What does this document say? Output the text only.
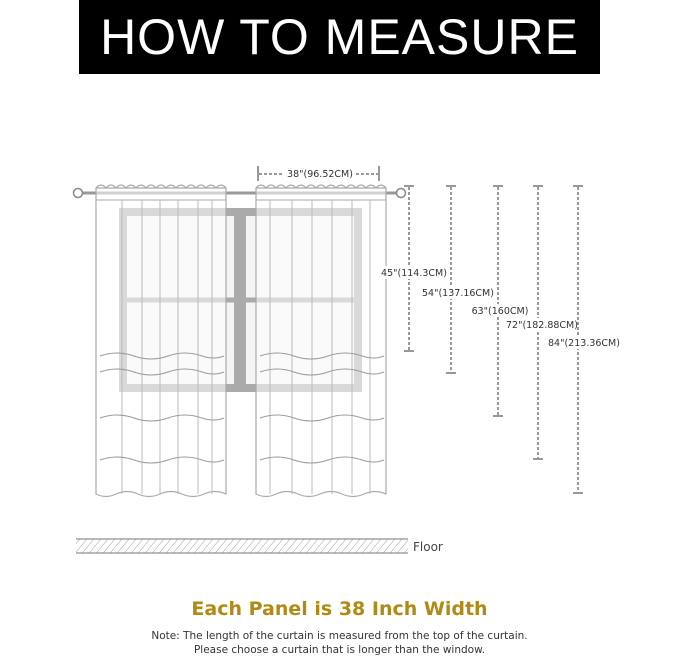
HOW TO MEASURE
38"(96.52CM)
45"(114.3CM)
54"(137.16CM)
63"(160CM)
72"(182.88CM)
84"(213.36CM)
Floor
Each Panel is 38 Inch Width
Note: The length of the curtain is measured from the top of the curtain.
Please choose a curtain that is longer than the window.
